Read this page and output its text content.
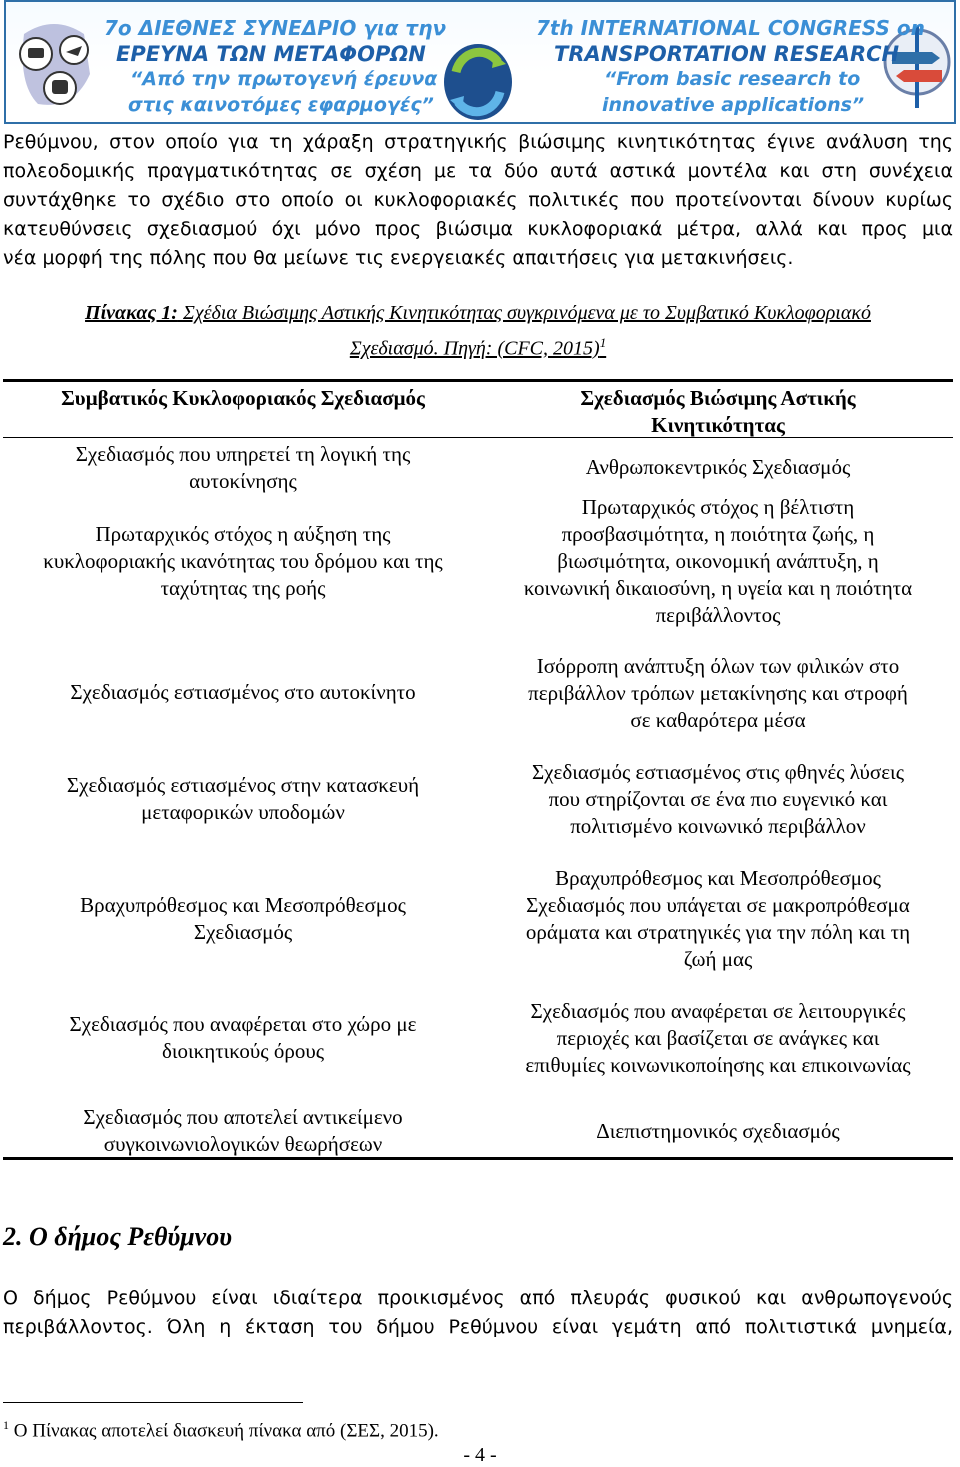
7ο ΔΙΕΘΝΕΣ ΣΥΝΕΔΡΙΟ για την
ΕΡΕΥΝΑ ΤΩΝ ΜΕΤΑΦΟΡΩΝ
“Από την πρωτογενή έρευνα
στις καινοτόμες εφαρμογές”
7th INTERNATIONAL CONGRESS on
TRANSPORTATION RESEARCH
“From basic research to
innovative applications”
Ρεθύμνου, στον οποίο για τη χάραξη στρατηγικής βιώσιμης κινητικότητας έγινε ανάλυση της
πολεοδομικής πραγματικότητας σε σχέση με τα δύο αυτά αστικά μοντέλα και στη συνέχεια
συντάχθηκε το σχέδιο στο οποίο οι κυκλοφοριακές πολιτικές που προτείνονται δίνουν κυρίως
κατευθύνσεις σχεδιασμού όχι μόνο προς βιώσιμα κυκλοφοριακά μέτρα, αλλά και προς μια
νέα μορφή της πόλης που θα μείωνε τις ενεργειακές απαιτήσεις για μετακινήσεις.
Πίνακας 1: Σχέδια Βιώσιμης Αστικής Κινητικότητας συγκρινόμενα με το Συμβατικό Κυκλοφοριακό
Σχεδιασμό. Πηγή: (CFC, 2015)$^1$
Συμβατικός Κυκλοφοριακός Σχεδιασμός	Σχεδιασμός Βιώσιμης Αστικής
Κινητικότητας
Σχεδιασμός που υπηρετεί τη λογική της
αυτοκίνησης
Πρωταρχικός στόχος η αύξηση της
κυκλοφοριακής ικανότητας του δρόμου και της
ταχύτητας της ροής
Σχεδιασμός εστιασμένος στο αυτοκίνητο
Σχεδιασμός εστιασμένος στην κατασκευή
μεταφορικών υποδομών
Βραχυπρόθεσμος και Μεσοπρόθεσμος
Σχεδιασμός
Σχεδιασμός που αναφέρεται στο χώρο με
διοικητικούς όρους
Σχεδιασμός που αποτελεί αντικείμενο
συγκοινωνιολογικών θεωρήσεων
Ανθρωποκεντρικός Σχεδιασμός
Πρωταρχικός στόχος η βέλτιστη
προσβασιμότητα, η ποιότητα ζωής, η
βιωσιμότητα, οικονομική ανάπτυξη, η
κοινωνική δικαιοσύνη, η υγεία και η ποιότητα
περιβάλλοντος
Ισόρροπη ανάπτυξη όλων των φιλικών στο
περιβάλλον τρόπων μετακίνησης και στροφή
σε καθαρότερα μέσα
Σχεδιασμός εστιασμένος στις φθηνές λύσεις
που στηρίζονται σε ένα πιο ευγενικό και
πολιτισμένο κοινωνικό περιβάλλον
Βραχυπρόθεσμος και Μεσοπρόθεσμος
Σχεδιασμός που υπάγεται σε μακροπρόθεσμα
οράματα και στρατηγικές για την πόλη και τη
ζωή μας
Σχεδιασμός που αναφέρεται σε λειτουργικές
περιοχές και βασίζεται σε ανάγκες και
επιθυμίες κοινωνικοποίησης και επικοινωνίας
Διεπιστημονικός σχεδιασμός
2. Ο δήμος Ρεθύμνου
Ο δήμος Ρεθύμνου είναι ιδιαίτερα προικισμένος από πλευράς φυσικού και ανθρωπογενούς
περιβάλλοντος. Όλη η έκταση του δήμου Ρεθύμνου είναι γεμάτη από πολιτιστικά μνημεία,
$^1$ Ο Πίνακας αποτελεί διασκευή πίνακα από (ΣΕΣ, 2015).
- 4 -
